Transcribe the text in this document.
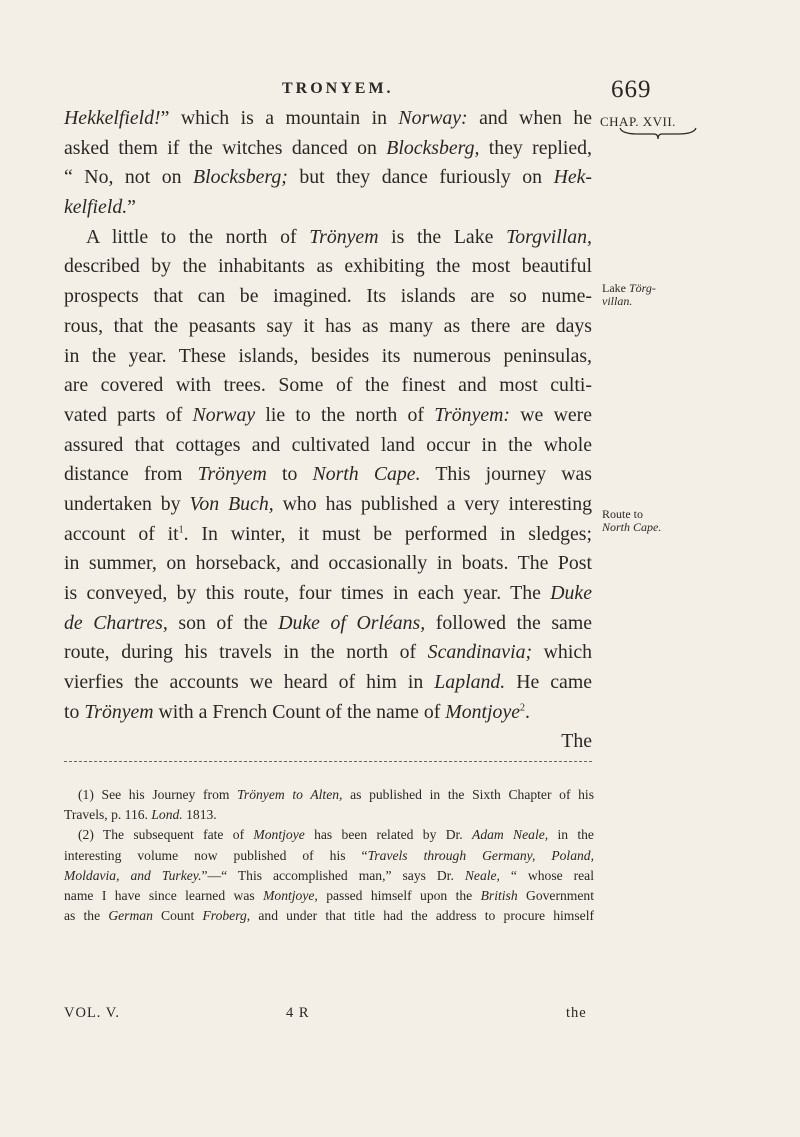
TRONYEM.	669
CHAP. XVII.
Lake Törg-
villan.
Route to
North Cape.
Hekkelfield!” which is a mountain in Norway: and when he
asked them if the witches danced on Blocksberg, they replied,
“ No, not on Blocksberg; but they dance furiously on Hek-
kelfield.”
A little to the north of Trönyem is the Lake Torgvillan,
described by the inhabitants as exhibiting the most beautiful
prospects that can be imagined. Its islands are so nume-
rous, that the peasants say it has as many as there are days
in the year. These islands, besides its numerous peninsulas,
are covered with trees. Some of the finest and most culti-
vated parts of Norway lie to the north of Trönyem: we were
assured that cottages and cultivated land occur in the whole
distance from Trönyem to North Cape. This journey was
undertaken by Von Buch, who has published a very interesting
account of $it^1$. In winter, it must be performed in sledges;
in summer, on horseback, and occasionally in boats. The Post
is conveyed, by this route, four times in each year. The Duke
de Chartres, son of the Duke of Orléans, followed the same
route, during his travels in the north of Scandinavia; which
vierfies the accounts we heard of him in Lapland. He came
to Trönyem with a French Count of the name of Montjoye$^2$.
The
(1) See his Journey from Trönyem to Alten, as published in the Sixth Chapter of his
Travels, p. 116. Lond. 1813.
(2) The subsequent fate of Montjoye has been related by Dr. Adam Neale, in the
interesting volume now published of his “Travels through Germany, Poland,
Moldavia, and Turkey.”—“ This accomplished man,” says Dr. Neale, “ whose real
name I have since learned was Montjoye, passed himself upon the British Government
as the German Count Froberg, and under that title had the address to procure himself
VOL. V.	4 R	the
